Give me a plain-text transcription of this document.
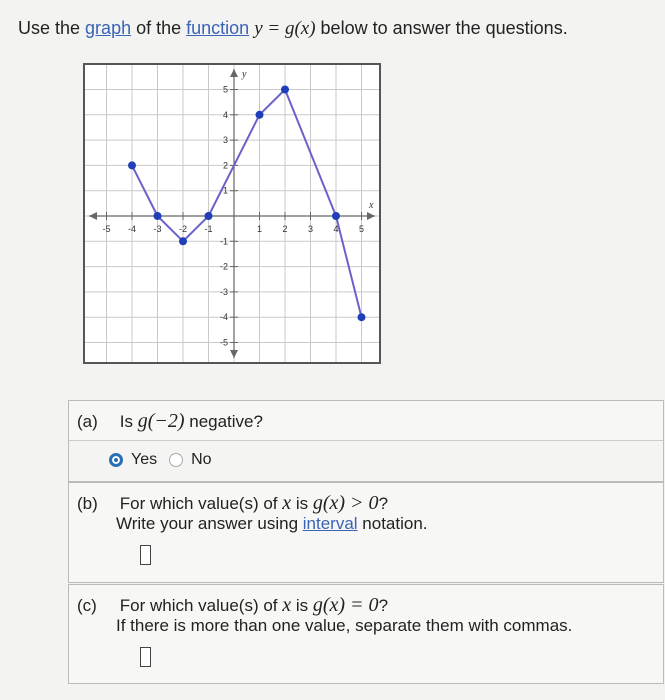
Use the graph of the function y = g(x) below to answer the questions.
x
y
-5 -4 -3 -2 -1	1 2 3 4 5
5
4
3
2
1
-1
-2
-3
-4
-5
(a) Is g(−2) negative?
Yes No
(b) For which value(s) of x is g(x) > 0?
Write your answer using interval notation.
(c) For which value(s) of x is g(x) = 0?
If there is more than one value, separate them with commas.
